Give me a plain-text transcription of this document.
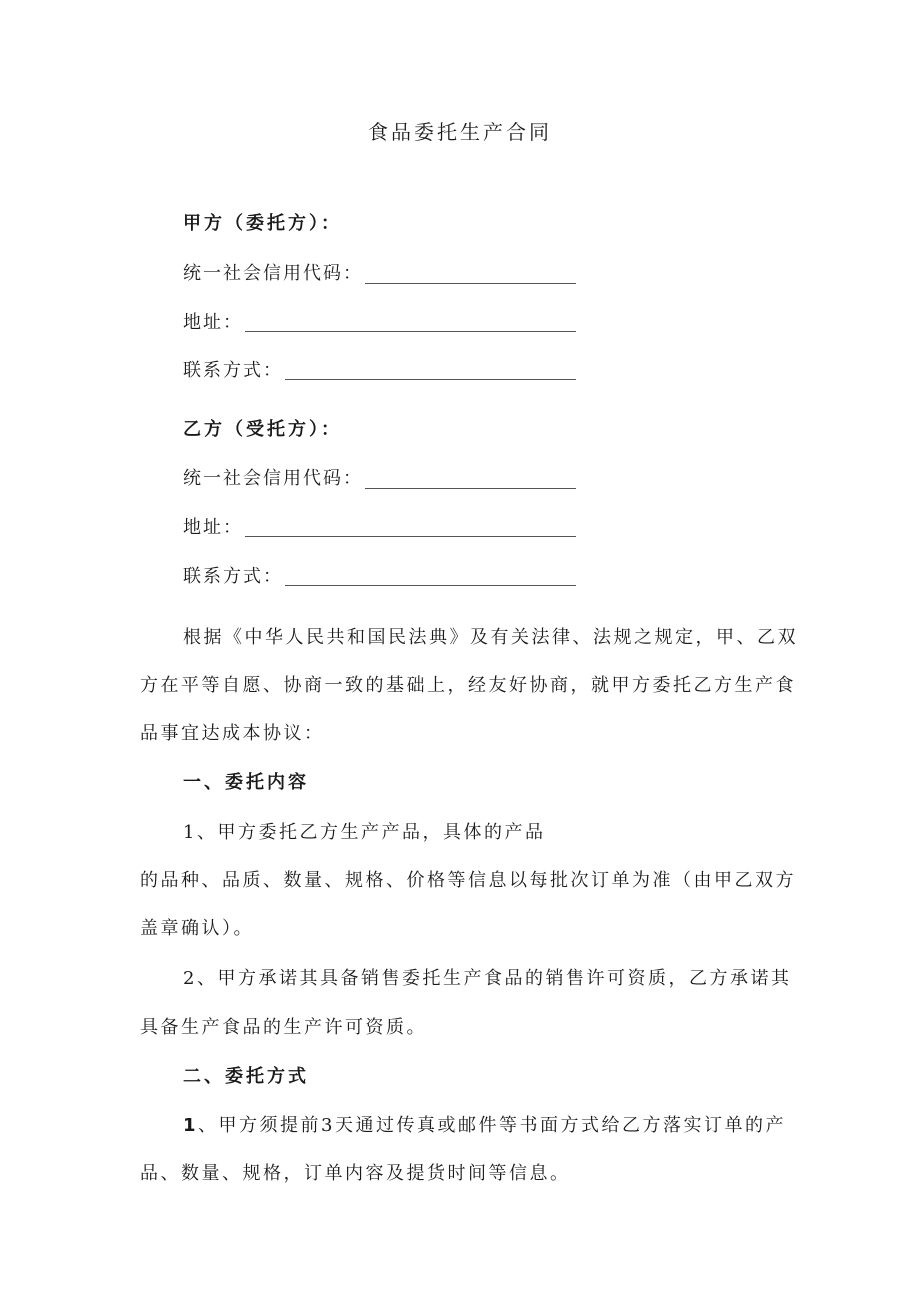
食品委托生产合同
甲方（委托方）：
统一社会信用代码：
地址：
联系方式：
乙方（受托方）：
统一社会信用代码：
地址：
联系方式：
根据《中华人民共和国民法典》及有关法律、法规之规定，甲、乙双
方在平等自愿、协商一致的基础上，经友好协商，就甲方委托乙方生产食
品事宜达成本协议：
一、委托内容
1、甲方委托乙方生产产品，具体的产品
的品种、品质、数量、规格、价格等信息以每批次订单为准（由甲乙双方
盖章确认）。
2、甲方承诺其具备销售委托生产食品的销售许可资质，乙方承诺其
具备生产食品的生产许可资质。
二、委托方式
1、甲方须提前3天通过传真或邮件等书面方式给乙方落实订单的产
品、数量、规格，订单内容及提货时间等信息。
